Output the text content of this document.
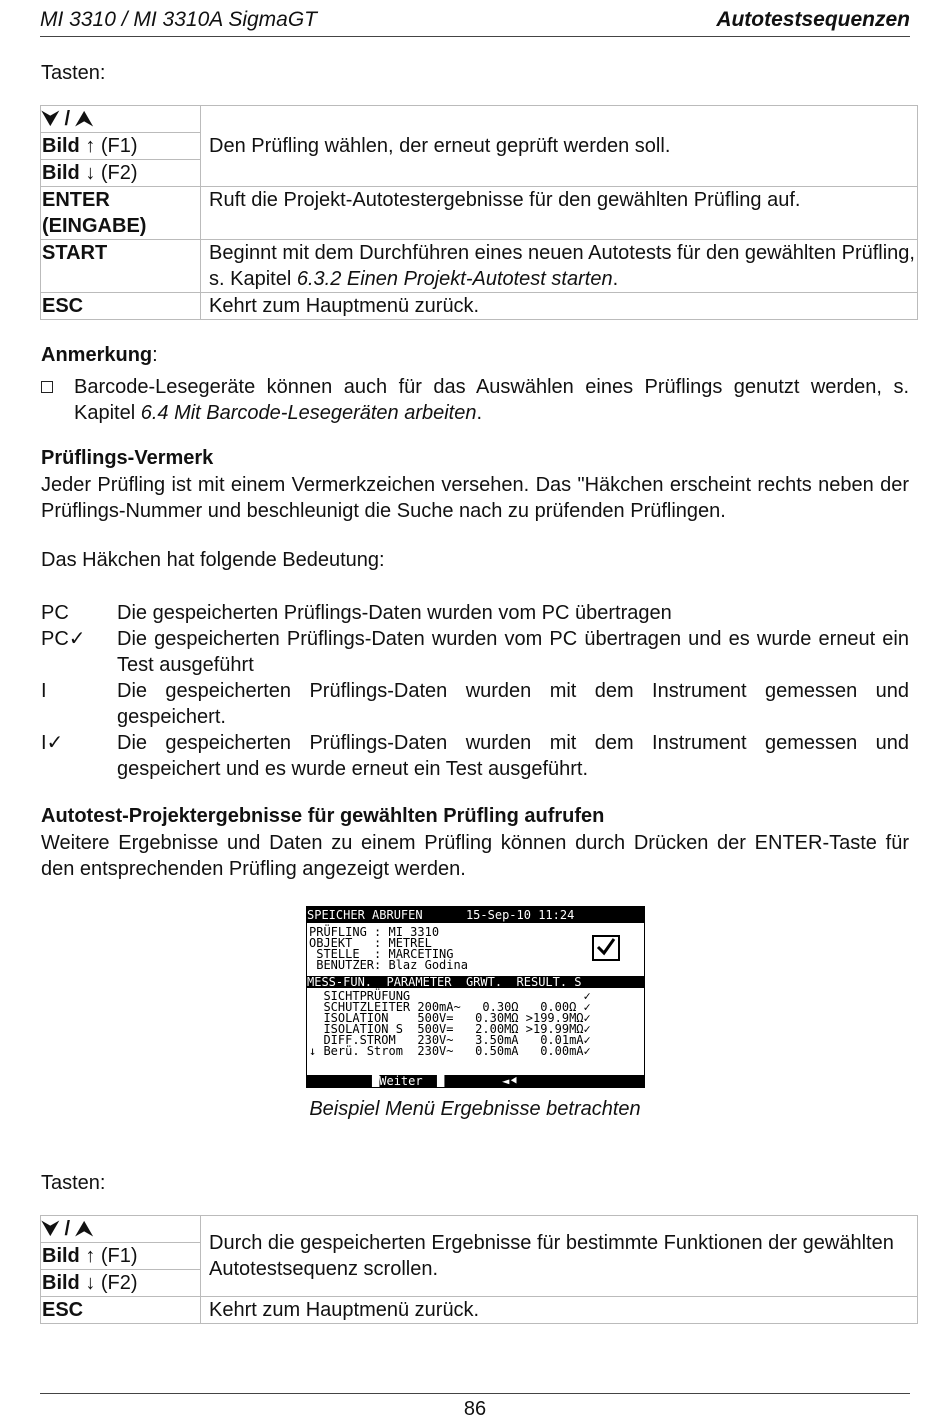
MI 3310 / MI 3310A SigmaGT	Autotestsequenzen

Tasten:

⮟ / ⮝	Den Prüfling wählen, der erneut geprüft werden soll.
Bild ↑ (F1)	
Bild ↓ (F2)	
ENTER (EINGABE)	Ruft die Projekt-Autotestergebnisse für den gewählten Prüfling auf.
START	Beginnt mit dem Durchführen eines neuen Autotests für den gewählten Prüfling, s. Kapitel 6.3.2 Einen Projekt-Autotest starten.
ESC	Kehrt zum Hauptmenü zurück.

Anmerkung:

Barcode-Lesegeräte können auch für das Auswählen eines Prüflings genutzt werden, s. Kapitel 6.4 Mit Barcode-Lesegeräten arbeiten.

Prüflings-Vermerk

Jeder Prüfling ist mit einem Vermerkzeichen versehen. Das "Häkchen erscheint rechts neben der Prüflings-Nummer und beschleunigt die Suche nach zu prüfenden Prüflingen.

Das Häkchen hat folgende Bedeutung:

PC Die gespeicherten Prüflings-Daten wurden vom PC übertragen
PC✓ Die gespeicherten Prüflings-Daten wurden vom PC übertragen und es wurde erneut ein Test ausgeführt
I	Die gespeicherten Prüflings-Daten wurden mit dem Instrument gemessen und gespeichert.
I✓	Die gespeicherten Prüflings-Daten wurden mit dem Instrument gemessen und gespeichert und es wurde erneut ein Test ausgeführt.

Autotest-Projektergebnisse für gewählten Prüfling aufrufen

Weitere Ergebnisse und Daten zu einem Prüfling können durch Drücken der ENTER-Taste für den entsprechenden Prüfling angezeigt werden.

SPEICHER ABRUFEN      15-Sep-10 11:24
PRÜFLING : MI 3310
OBJEKT   : METREL
STELLE  : MARCETING
BENUTZER: Blaz Godina
MESS-FUN.  PARAMETER  GRWT.  RESULT. S
SICHTPRÜFUNG                        ✓
SCHUTZLEITER 200mA~   0.30Ω   0.00Ω ✓
ISOLATION    500V=   0.30MΩ >199.9MΩ✓
ISOLATION S  500V=   2.00MΩ >19.99MΩ✓
DIFF.STROM   230V~   3.50mA   0.01mA✓
↓ Berü. Strom  230V~   0.50mA   0.00mA✓
█Weiter  █        ◄⯇

Beispiel Menü Ergebnisse betrachten

Tasten:

⮟ / ⮝	Durch die gespeicherten Ergebnisse für bestimmte Funktionen der gewählten Autotestsequenz scrollen.
Bild ↑ (F1)	
Bild ↓ (F2)	
ESC	Kehrt zum Hauptmenü zurück.

86
